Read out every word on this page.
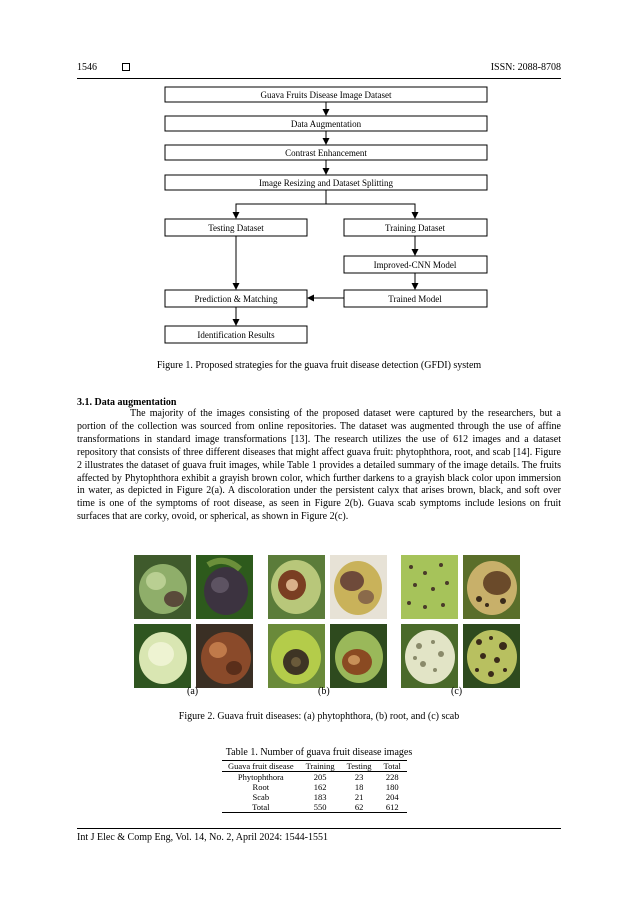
1546	ISSN: 2088-8708
Guava Fruits Disease Image Dataset
Data Augmentation
Contrast Enhancement
Image Resizing and Dataset Splitting
Testing Dataset	Training Dataset
Improved-CNN Model
Prediction & Matching	Trained Model
Identification Results
Figure 1. Proposed strategies for the guava fruit disease detection (GFDI) system
3.1. Data augmentation

The majority of the images consisting of the proposed dataset were captured by the researchers, but a portion of the collection was sourced from online repositories. The dataset was augmented through the use of affine transformations in standard image transformations [13]. The research utilizes the use of 612 images and a dataset repository that consists of three different diseases that might affect guava fruit: phytophthora, root, and scab [14]. Figure 2 illustrates the dataset of guava fruit images, while Table 1 provides a detailed summary of the image details. The fruits affected by Phytophthora exhibit a grayish brown color, which further darkens to a grayish black color upon immersion in water, as depicted in Figure 2(a). A discoloration under the persistent calyx that arises brown, black, and soft over time is one of the symptoms of root disease, as seen in Figure 2(b). Guava scab symptoms include lesions on fruit surfaces that are corky, ovoid, or spherical, as shown in Figure 2(c).

(a)	(b)	(c)
Figure 2. Guava fruit diseases: (a) phytophthora, (b) root, and (c) scab
Table 1. Number of guava fruit disease images
Guava fruit disease	Training	Testing	Total
Phytophthora	205	23	228
Root	162	18	180
Scab	183	21	204
Total	550	62	612
Int J Elec & Comp Eng, Vol. 14, No. 2, April 2024: 1544-1551
